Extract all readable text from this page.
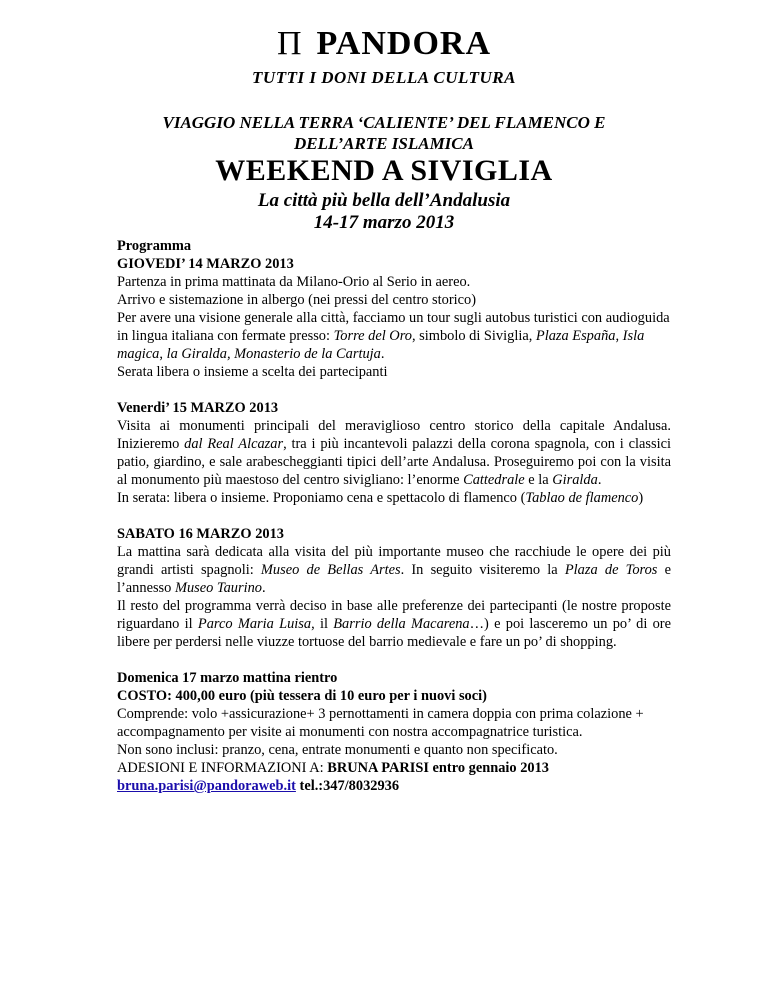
Π PANDORA
TUTTI I DONI DELLA CULTURA
VIAGGIO NELLA TERRA ‘CALIENTE’ DEL FLAMENCO E
DELL’ARTE ISLAMICA
WEEKEND A SIVIGLIA
La città più bella dell’Andalusia
14-17 marzo 2013

Programma

GIOVEDI’ 14 MARZO 2013

Partenza in prima mattinata da Milano-Orio al Serio in aereo.

Arrivo e sistemazione in albergo (nei pressi del centro storico)

Per avere una visione generale alla città, facciamo un tour sugli autobus turistici con audioguida in lingua italiana con fermate presso: Torre del Oro, simbolo di Siviglia, Plaza España, Isla magica, la Giralda, Monasterio de la Cartuja.

Serata libera o insieme a scelta dei partecipanti

Venerdi’ 15 MARZO 2013

Visita ai monumenti principali del meraviglioso centro storico della capitale Andalusa. Inizieremo dal Real Alcazar, tra i più incantevoli palazzi della corona spagnola, con i classici patio, giardino, e sale arabescheggianti tipici dell’arte Andalusa. Proseguiremo poi con la visita al monumento più maestoso del centro sivigliano: l’enorme Cattedrale e la Giralda.

In serata: libera o insieme. Proponiamo cena e spettacolo di flamenco (Tablao de flamenco)

SABATO 16 MARZO 2013

La mattina sarà dedicata alla visita del più importante museo che racchiude le opere dei più grandi artisti spagnoli: Museo de Bellas Artes. In seguito visiteremo la Plaza de Toros e l’annesso Museo Taurino.

Il resto del programma verrà deciso in base alle preferenze dei partecipanti (le nostre proposte riguardano il Parco Maria Luisa, il Barrio della Macarena…) e poi lasceremo un po’ di ore libere per perdersi nelle viuzze tortuose del barrio medievale e fare un po’ di shopping.

Domenica 17 marzo mattina rientro

COSTO: 400,00 euro (più tessera di 10 euro per i nuovi soci)

Comprende: volo +assicurazione+ 3 pernottamenti in camera doppia con prima colazione + accompagnamento per visite ai monumenti con nostra accompagnatrice turistica.

Non sono inclusi: pranzo, cena, entrate monumenti e quanto non specificato.

ADESIONI E INFORMAZIONI A: BRUNA PARISI entro gennaio 2013

bruna.parisi@pandoraweb.it tel.:347/8032936
